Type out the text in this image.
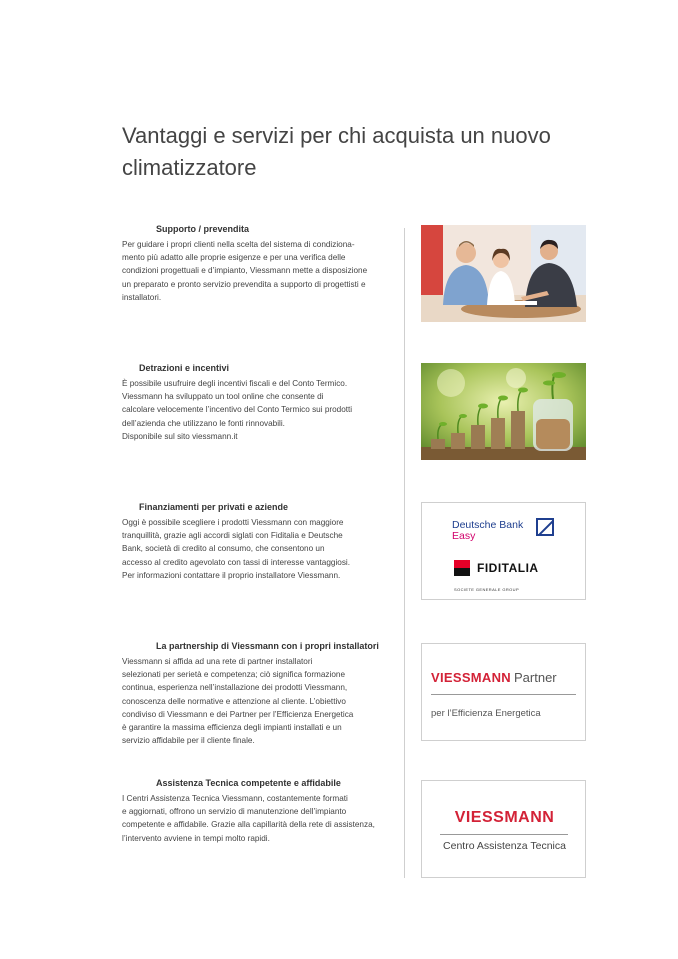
Vantaggi e servizi per chi acquista un nuovo climatizzatore
Supporto / prevendita

Per guidare i propri clienti nella scelta del sistema di condiziona-
mento più adatto alle proprie esigenze e per una verifica delle
condizioni progettuali e d’impianto, Viessmann mette a disposizione
un preparato e pronto servizio prevendita a supporto di progettisti e
installatori.

Detrazioni e incentivi

È possibile usufruire degli incentivi fiscali e del Conto Termico.
Viessmann ha sviluppato un tool online che consente di
calcolare velocemente l’incentivo del Conto Termico sui prodotti
dell’azienda che utilizzano le fonti rinnovabili.
Disponibile sul sito viessmann.it

Finanziamenti per privati e aziende

Oggi è possibile scegliere i prodotti Viessmann con maggiore
tranquillità, grazie agli accordi siglati con Fiditalia e Deutsche
Bank, società di credito al consumo, che consentono un
accesso al credito agevolato con tassi di interesse vantaggiosi.
Per informazioni contattare il proprio installatore Viessmann.

Deutsche Bank
Easy
FIDITALIA
SOCIETE GENERALE GROUP
La partnership di Viessmann con i propri installatori

Viessmann si affida ad una rete di partner installatori
selezionati per serietà e competenza; ciò significa formazione
continua, esperienza nell’installazione dei prodotti Viessmann,
conoscenza delle normative e attenzione al cliente. L’obiettivo
condiviso di Viessmann e dei Partner per l’Efficienza Energetica
è garantire la massima efficienza degli impianti installati e un
servizio affidabile per il cliente finale.

VIESSMANN Partner
per l’Efficienza Energetica
Assistenza Tecnica competente e affidabile

I Centri Assistenza Tecnica Viessmann, costantemente formati
e aggiornati, offrono un servizio di manutenzione dell’impianto
competente e affidabile. Grazie alla capillarità della rete di assistenza,
l’intervento avviene in tempi molto rapidi.

VIESSMANN
Centro Assistenza Tecnica
